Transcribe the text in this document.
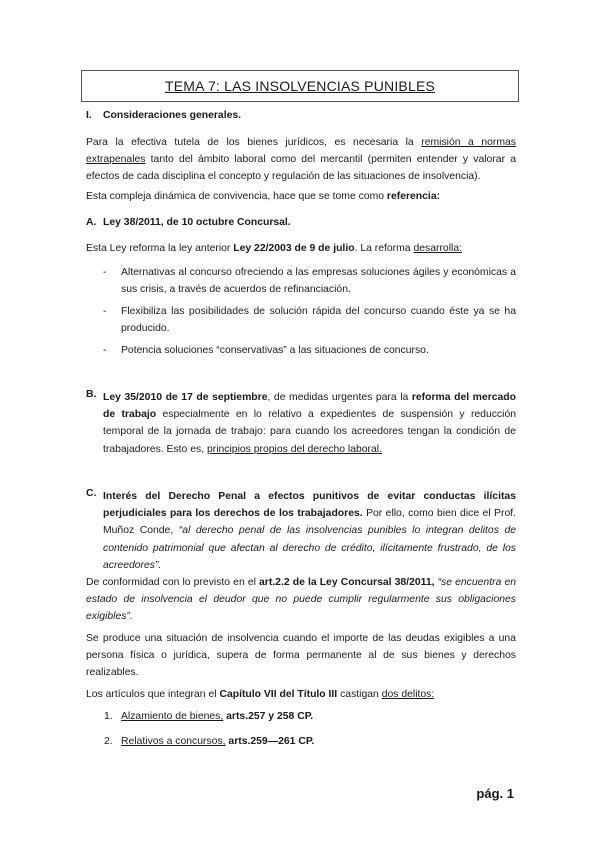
TEMA 7: LAS INSOLVENCIAS PUNIBLES
I. Consideraciones generales.
Para la efectiva tutela de los bienes jurídicos, es necesaria la remisión a normas extrapenales tanto del ámbito laboral como del mercantil (permiten entender y valorar a efectos de cada disciplina el concepto y regulación de las situaciones de insolvencia).
Esta compleja dinámica de convivencia, hace que se tome como referencia:
A. Ley 38/2011, de 10 octubre Concursal.
Esta Ley reforma la ley anterior Ley 22/2003 de 9 de julio. La reforma desarrolla:
- Alternativas al concurso ofreciendo a las empresas soluciones ágiles y económicas a sus crisis, a través de acuerdos de refinanciación.
- Flexibiliza las posibilidades de solución rápida del concurso cuando éste ya se ha producido.
- Potencia soluciones “conservativas” a las situaciones de concurso.
B. Ley 35/2010 de 17 de septiembre, de medidas urgentes para la reforma del mercado de trabajo especialmente en lo relativo a expedientes de suspensión y reducción temporal de la jornada de trabajo: para cuando los acreedores tengan la condición de trabajadores. Esto es, principios propios del derecho laboral.
C. Interés del Derecho Penal a efectos punitivos de evitar conductas ilícitas perjudiciales para los derechos de los trabajadores. Por ello, como bien dice el Prof. Muñoz Conde, “al derecho penal de las insolvencias punibles lo integran delitos de contenido patrimonial que afectan al derecho de crédito, ilícitamente frustrado, de los acreedores”.
De conformidad con lo previsto en el art.2.2 de la Ley Concursal 38/2011, “se encuentra en estado de insolvencia el deudor que no puede cumplir regularmente sus obligaciones exigibles”.
Se produce una situación de insolvencia cuando el importe de las deudas exigibles a una persona física o jurídica, supera de forma permanente al de sus bienes y derechos realizables.
Los artículos que integran el Capítulo VII del Título III castigan dos delitos:
1. Alzamiento de bienes, arts.257 y 258 CP.
2. Relativos a concursos, arts.259—261 CP.
pág. 1
